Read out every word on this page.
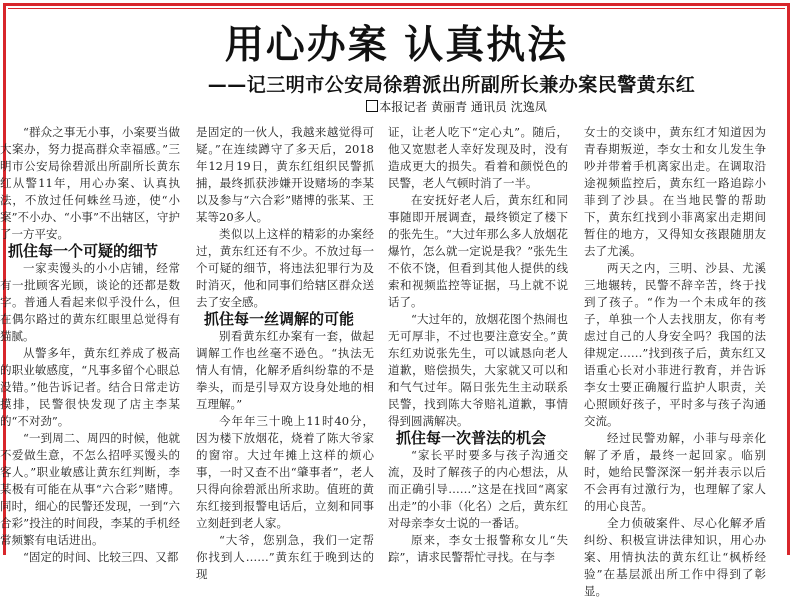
用心办案 认真执法
——记三明市公安局徐碧派出所副所长兼办案民警黄东红
本报记者 黄丽青 通讯员 沈逸凤

“群众之事无小事，小案要当做大案办，努力提高群众幸福感。”三明市公安局徐碧派出所副所长黄东红从警11年，用心办案、认真执法，不放过任何蛛丝马迹，使“小案”不小办、“小事”不出辖区，守护了一方平安。

抓住每一个可疑的细节

一家卖馒头的小小店铺，经常有一批顾客光顾，谈论的还都是数字。普通人看起来似乎没什么，但在偶尔路过的黄东红眼里总觉得有猫腻。

从警多年，黄东红养成了极高的职业敏感度，“凡事多留个心眼总没错。”他告诉记者。结合日常走访摸排，民警很快发现了店主李某的“不对劲”。

“一到周二、周四的时候，他就不爱做生意，不怎么招呼买馒头的客人。”职业敏感让黄东红判断，李某极有可能在从事“六合彩”赌博。同时，细心的民警还发现，一到“六合彩”投注的时间段，李某的手机经常频繁有电话进出。

“固定的时间、比较三四、又都

是固定的一伙人，我越来越觉得可疑。”在连续蹲守了多天后，2018年12月19日，黄东红组织民警抓捕，最终抓获涉嫌开设赌场的李某以及参与“六合彩”赌博的张某、王某等20多人。

类似以上这样的精彩的办案经过，黄东红还有不少。不放过每一个可疑的细节，将违法犯罪行为及时消灭，他和同事们给辖区群众送去了安全感。

抓住每一丝调解的可能

别看黄东红办案有一套，做起调解工作也丝毫不逊色。“执法无情人有情，化解矛盾纠纷靠的不是拳头，而是引导双方设身处地的相互理解。”

今年年三十晚上11时40分，因为楼下放烟花，烧着了陈大爷家的窗帘。大过年摊上这样的烦心事，一时又查不出“肇事者”，老人只得向徐碧派出所求助。值班的黄东红接到报警电话后，立刻和同事立刻赶到老人家。

“大爷，您别急，我们一定帮你找到人……”黄东红于晚到达的现

证，让老人吃下“定心丸”。随后，他又宽慰老人幸好发现及时，没有造成更大的损失。看着和颜悦色的民警，老人气顿时消了一半。

在安抚好老人后，黄东红和同事随即开展调查，最终锁定了楼下的张先生。“大过年那么多人放烟花爆竹，怎么就一定说是我？”张先生不依不饶，但看到其他人提供的线索和视频监控等证据，马上就不说话了。

“大过年的，放烟花图个热闹也无可厚非，不过也要注意安全。”黄东红劝说张先生，可以诚恳向老人道歉，赔偿损失，大家就又可以和和气气过年。隔日张先生主动联系民警，找到陈大爷赔礼道歉，事情得到圆满解决。

抓住每一次普法的机会

“家长平时要多与孩子沟通交流，及时了解孩子的内心想法，从而正确引导……”这是在找回“离家出走”的小菲（化名）之后，黄东红对母亲李女士说的一番话。

原来，李女士报警称女儿“失踪”，请求民警帮忙寻找。在与李

女士的交谈中，黄东红才知道因为青春期叛逆，李女士和女儿发生争吵并带着手机离家出走。在调取沿途视频监控后，黄东红一路追踪小菲到了沙县。在当地民警的帮助下，黄东红找到小菲离家出走期间暂住的地方，又得知女孩跟随朋友去了尤溪。

两天之内，三明、沙县、尤溪三地辗转，民警不辞辛苦，终于找到了孩子。“作为一个未成年的孩子，单独一个人去找朋友，你有考虑过自己的人身安全吗？我国的法律规定……”找到孩子后，黄东红又语重心长对小菲进行教育，并告诉李女士要正确履行监护人职责，关心照顾好孩子，平时多与孩子沟通交流。

经过民警劝解，小菲与母亲化解了矛盾，最终一起回家。临别时，她给民警深深一躬并表示以后不会再有过激行为，也理解了家人的用心良苦。

全力侦破案件、尽心化解矛盾纠纷、积极宣讲法律知识，用心办案、用情执法的黄东红让“枫桥经验”在基层派出所工作中得到了彰显。
